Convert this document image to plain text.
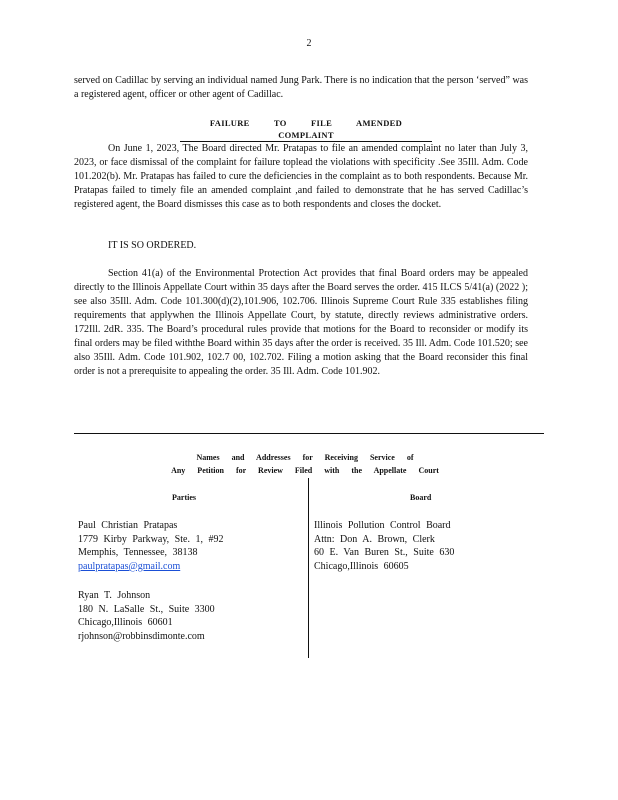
2
served on Cadillac by serving an individual named Jung Park. There is no indication that the person ‘served” was a registered agent, officer or other agent of Cadillac.
FAILURE TO FILE AMENDED COMPLAINT
On June 1, 2023, The Board directed Mr. Pratapas to file an amended complaint no later than July 3, 2023, or face dismissal of the complaint for failure toplead the violations with specificity .See 35Ill. Adm. Code 101.202(b). Mr. Pratapas has failed to cure the deficiencies in the complaint as to both respondents. Because Mr. Pratapas failed to timely file an amended complaint ,and failed to demonstrate that he has served Cadillac’s registered agent, the Board dismisses this case as to both respondents and closes the docket.
IT IS SO ORDERED.
Section 41(a) of the Environmental Protection Act provides that final Board orders may be appealed directly to the Illinois Appellate Court within 35 days after the Board serves the order. 415 ILCS 5/41(a) (2022 ); see also 35Ill. Adm. Code 101.300(d)(2),101.906, 102.706. Illinois Supreme Court Rule 335 establishes filing requirements that applywhen the Illinois Appellate Court, by statute, directly reviews administrative orders. 172Ill. 2dR. 335. The Board’s procedural rules provide that motions for the Board to reconsider or modify its final orders may be filed withthe Board within 35 days after the order is received. 35 Ill. Adm. Code 101.520; see also 35Ill. Adm. Code 101.902, 102.7 00, 102.702. Filing a motion asking that the Board reconsider this final order is not a prerequisite to appealing the order. 35 Ill. Adm. Code 101.902.
Names and Addresses for Receiving Service of
Any Petition for Review Filed with the Appellate Court
Parties	Board
Paul Christian Pratapas
1779 Kirby Parkway, Ste. 1, #92
Memphis, Tennessee, 38138
paulpratapas@gmail.com
Ryan T. Johnson
180 N. LaSalle St., Suite 3300
Chicago,Illinois 60601
rjohnson@robbinsdimonte.com
Illinois Pollution Control Board
Attn: Don A. Brown, Clerk
60 E. Van Buren St., Suite 630
Chicago,Illinois 60605
